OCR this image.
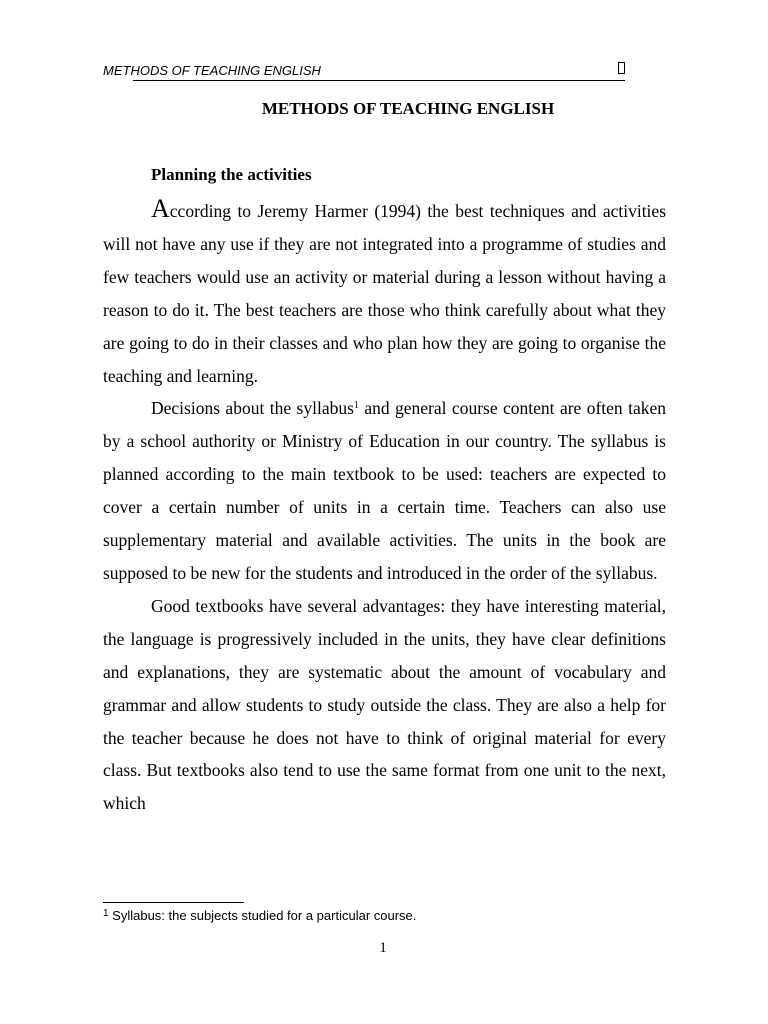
METHODS OF TEACHING ENGLISH
METHODS OF TEACHING ENGLISH
Planning the activities

According to Jeremy Harmer (1994) the best techniques and activities will not have any use if they are not integrated into a programme of studies and few teachers would use an activity or material during a lesson without having a reason to do it. The best teachers are those who think carefully about what they are going to do in their classes and who plan how they are going to organise the teaching and learning.

Decisions about the syllabus$^1$ and general course content are often taken by a school authority or Ministry of Education in our country. The syllabus is planned according to the main textbook to be used: teachers are expected to cover a certain number of units in a certain time. Teachers can also use supplementary material and available activities. The units in the book are supposed to be new for the students and introduced in the order of the syllabus.

Good textbooks have several advantages: they have interesting material, the language is progressively included in the units, they have clear definitions and explanations, they are systematic about the amount of vocabulary and grammar and allow students to study outside the class. They are also a help for the teacher because he does not have to think of original material for every class. But textbooks also tend to use the same format from one unit to the next, which

$^1$ Syllabus: the subjects studied for a particular course.
1
